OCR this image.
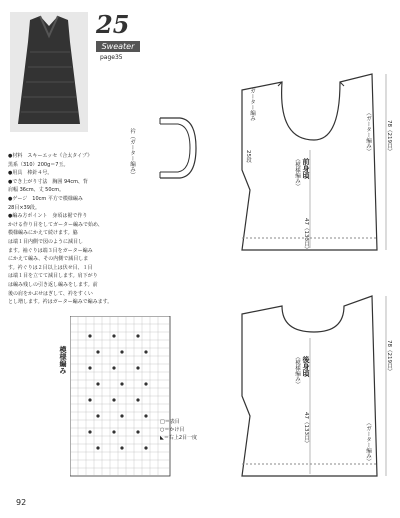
25
Sweater
page35
●材料　スキーエッセ《合太タイプ》
黒系（310）200g＝7玉。
●用具　棒針４号。
●でき上がり寸法　胸囲 94cm、背
肩幅 36cm、丈 50cm。
●ゲージ　10cm 平方で模様編み
28目×39段。
●編み方ポイント　身頃は裾で作り
かける作り目をしてガーター編みで始め、
模様編みにかえて続けます。脇
は端１目内側で図のように減目し
ます。袖ぐりは端３目をガーター編み
にかえて編み、その内側で減目しま
す。衿ぐりは２目以上は伏せ目、１目
は端１目を立てて減目します。肩下がり
は編み残しの引き返し編みをします。前
後の肩をかぶせはぎして、衿をすくい
とし増します。衿はガーター編みで編みます。
衿（ガーター編み）	前身頃
（模様編み）
78（219目）
25段
47（133目）
（ガーター編み）
ガーター編み
後身頃
（模様編み）	78（219目）
47（133目）	（ガーター編み）
模様編み
□＝表目
○＝かけ目
◣＝右上2目一度
92
